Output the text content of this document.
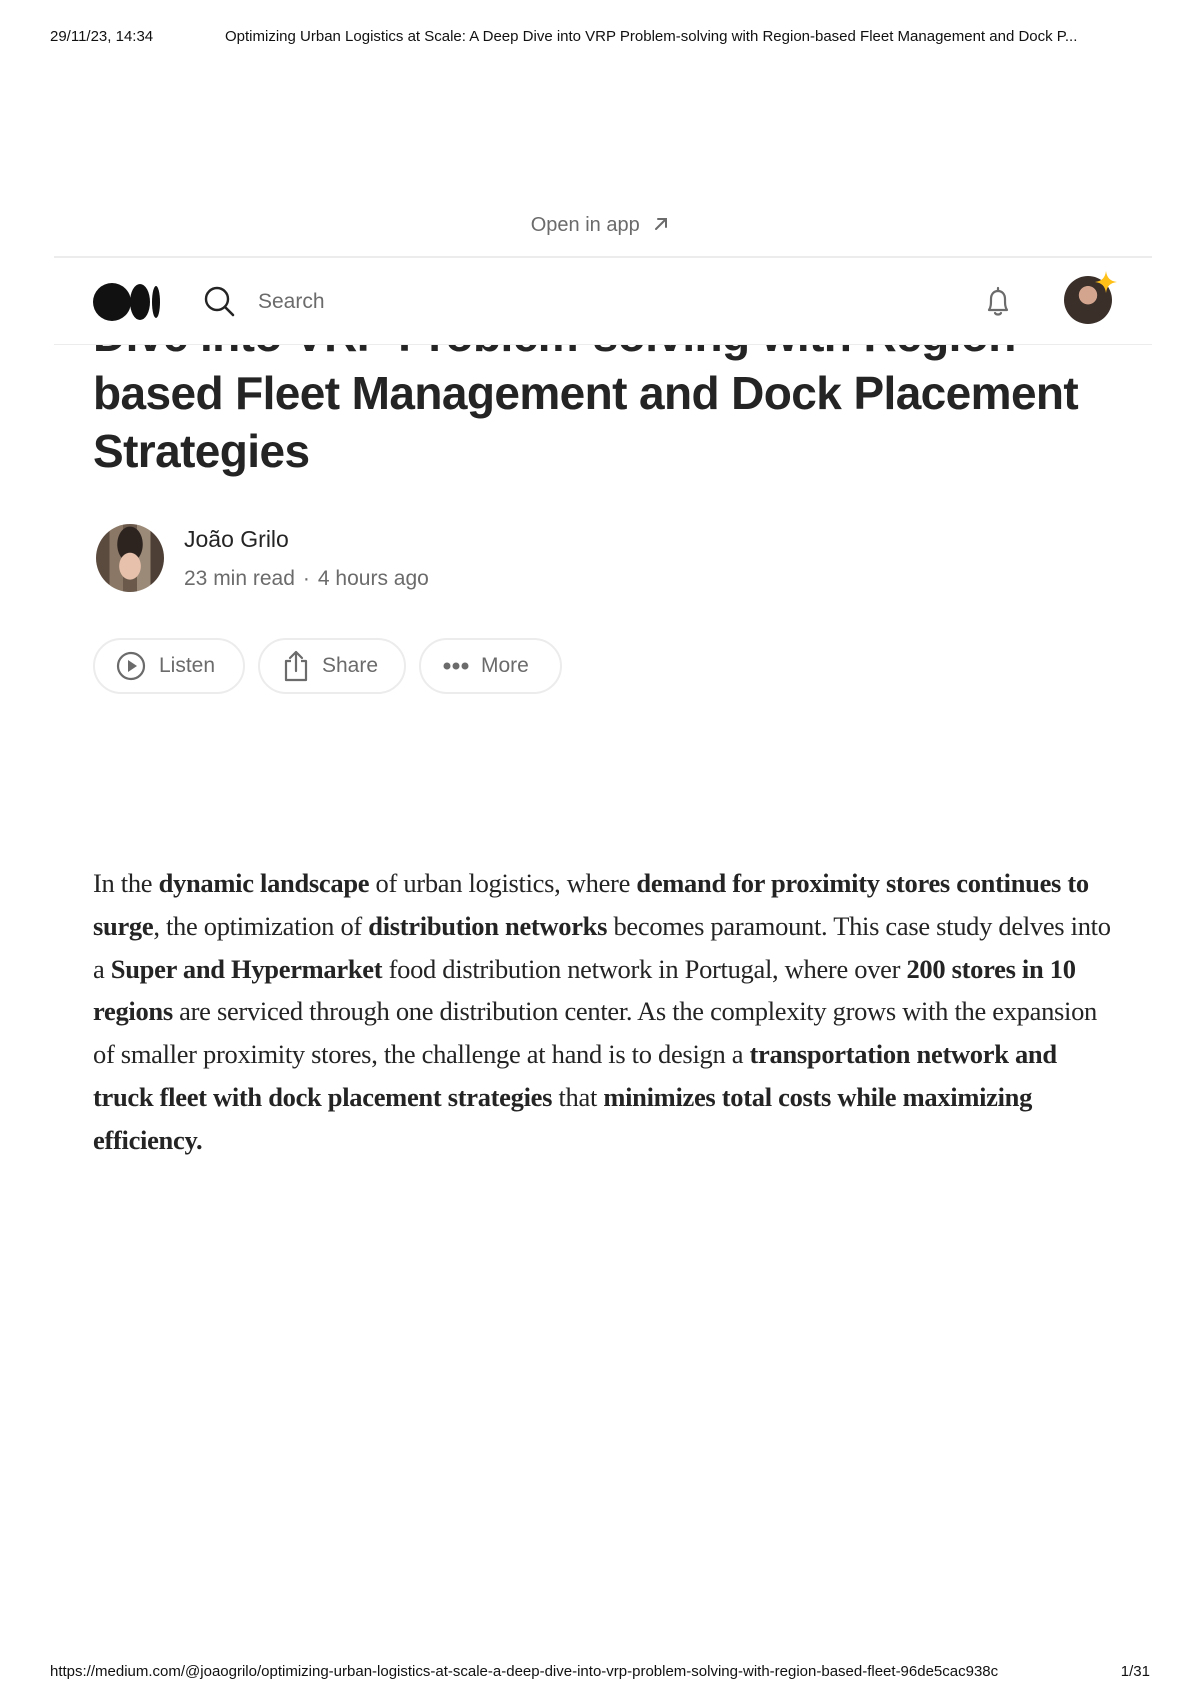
29/11/23, 14:34	Optimizing Urban Logistics at Scale: A Deep Dive into VRP Problem-solving with Region-based Fleet Management and Dock P...
Open in app
based Fleet Management and Dock Placement
Strategies
Search
João Grilo
23 min read · 4 hours ago
Listen	Share	More

In the dynamic landscape of urban logistics, where demand for proximity stores continues to surge, the optimization of distribution networks becomes paramount. This case study delves into a Super and Hypermarket food distribution network in Portugal, where over 200 stores in 10 regions are serviced through one distribution center. As the complexity grows with the expansion of smaller proximity stores, the challenge at hand is to design a transportation network and truck fleet with dock placement strategies that minimizes total costs while maximizing efficiency.

https://medium.com/@joaogrilo/optimizing-urban-logistics-at-scale-a-deep-dive-into-vrp-problem-solving-with-region-based-fleet-96de5cac938c	1/31
